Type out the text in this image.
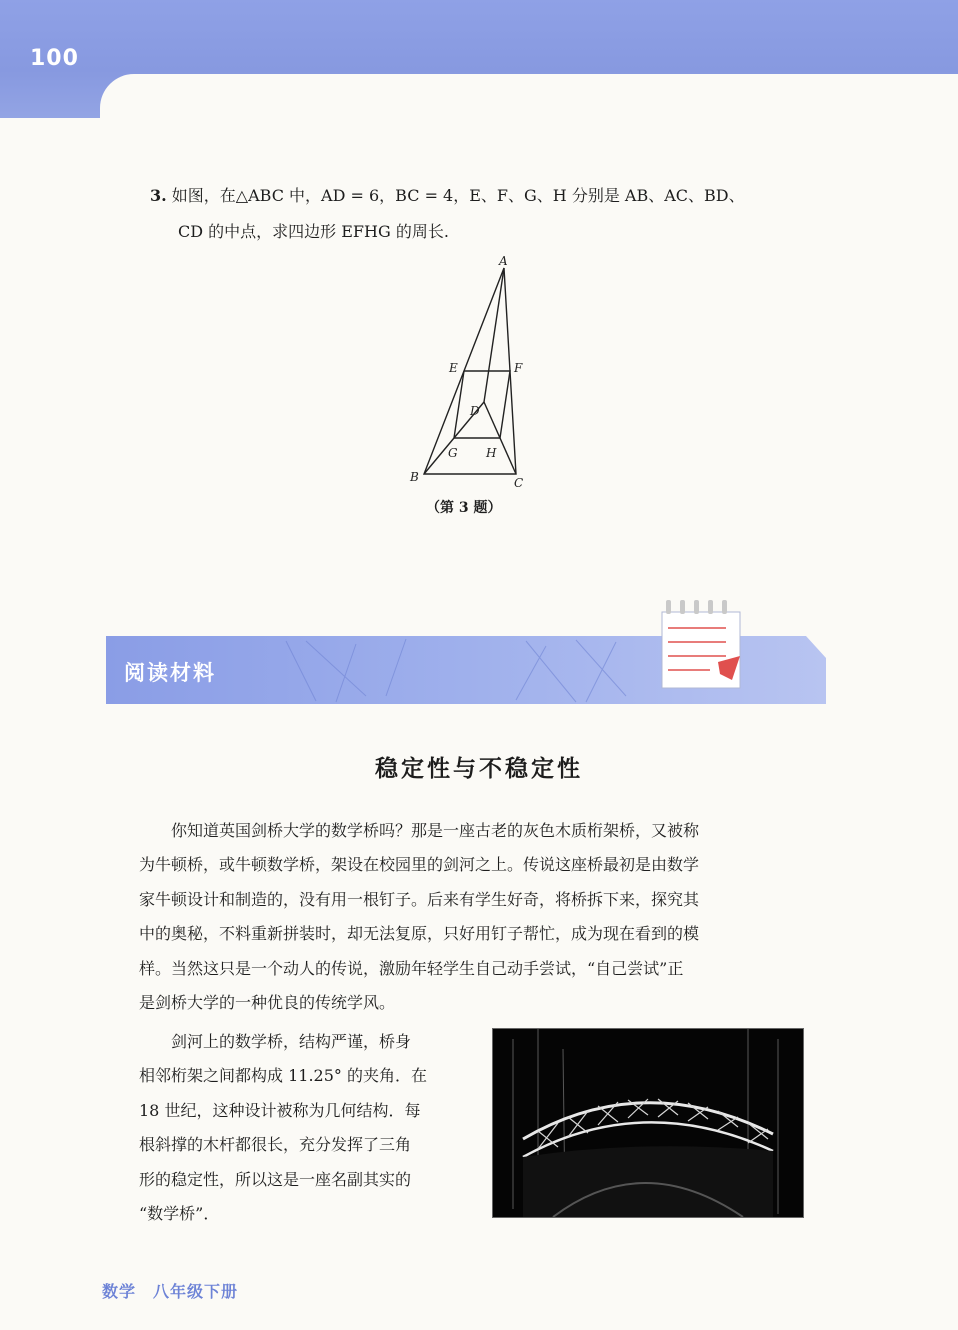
100
3. 如图，在△ABC 中，AD = 6，BC = 4，E、F、G、H 分别是 AB、AC、BD、
CD 的中点，求四边形 EFHG 的周长.
A
E	F
D
G H
B	C
（第 3 题）
阅读材料
稳定性与不稳定性
　　你知道英国剑桥大学的数学桥吗？那是一座古老的灰色木质桁架桥，又被称
为牛顿桥，或牛顿数学桥，架设在校园里的剑河之上。传说这座桥最初是由数学
家牛顿设计和制造的，没有用一根钉子。后来有学生好奇，将桥拆下来，探究其
中的奥秘，不料重新拼装时，却无法复原，只好用钉子帮忙，成为现在看到的模
样。当然这只是一个动人的传说，激励年轻学生自己动手尝试，“自己尝试”正
是剑桥大学的一种优良的传统学风。
　　剑河上的数学桥，结构严谨，桥身
相邻桁架之间都构成 11.25° 的夹角．在
18 世纪，这种设计被称为几何结构．每
根斜撑的木杆都很长，充分发挥了三角
形的稳定性，所以这是一座名副其实的
“数学桥”．
数学　八年级下册
